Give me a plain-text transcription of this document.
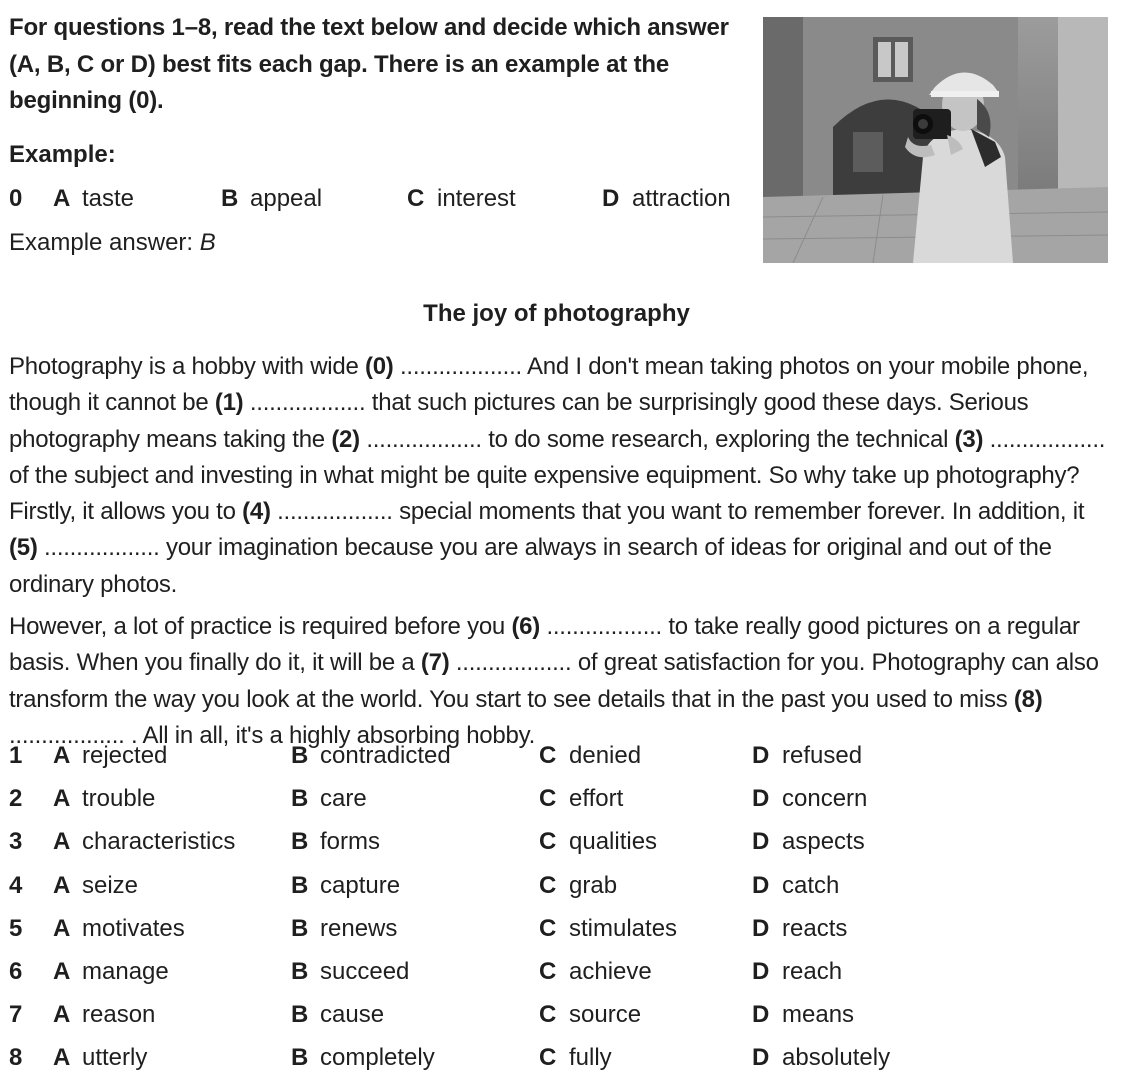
For questions 1–8, read the text below and decide which answer (A, B, C or D) best fits each gap. There is an example at the beginning (0).
Example:
0 A taste	B appeal	C interest	D attraction
Example answer: B
The joy of photography

Photography is a hobby with wide (0) ................... And I don't mean taking photos on your mobile phone, though it cannot be (1) .................. that such pictures can be surprisingly good these days. Serious photography means taking the (2) .................. to do some research, exploring the technical (3) .................. of the subject and investing in what might be quite expensive equipment. So why take up photography? Firstly, it allows you to (4) .................. special moments that you want to remember forever. In addition, it (5) .................. your imagination because you are always in search of ideas for original and out of the ordinary photos.

However, a lot of practice is required before you (6) .................. to take really good pictures on a regular basis. When you finally do it, it will be a (7) .................. of great satisfaction for you. Photography can also transform the way you look at the world. You start to see details that in the past you used to miss (8) .................. . All in all, it's a highly absorbing hobby.

1 A rejected	B contradicted	C denied	D refused
2 A trouble	B care	C effort	D concern
3 A characteristics B forms	C qualities	D aspects
4 A seize	B capture	C grab	D catch
5 A motivates	B renews	C stimulates	D reacts
6 A manage	B succeed	C achieve	D reach
7 A reason	B cause	C source	D means
8 A utterly	B completely	C fully	D absolutely
